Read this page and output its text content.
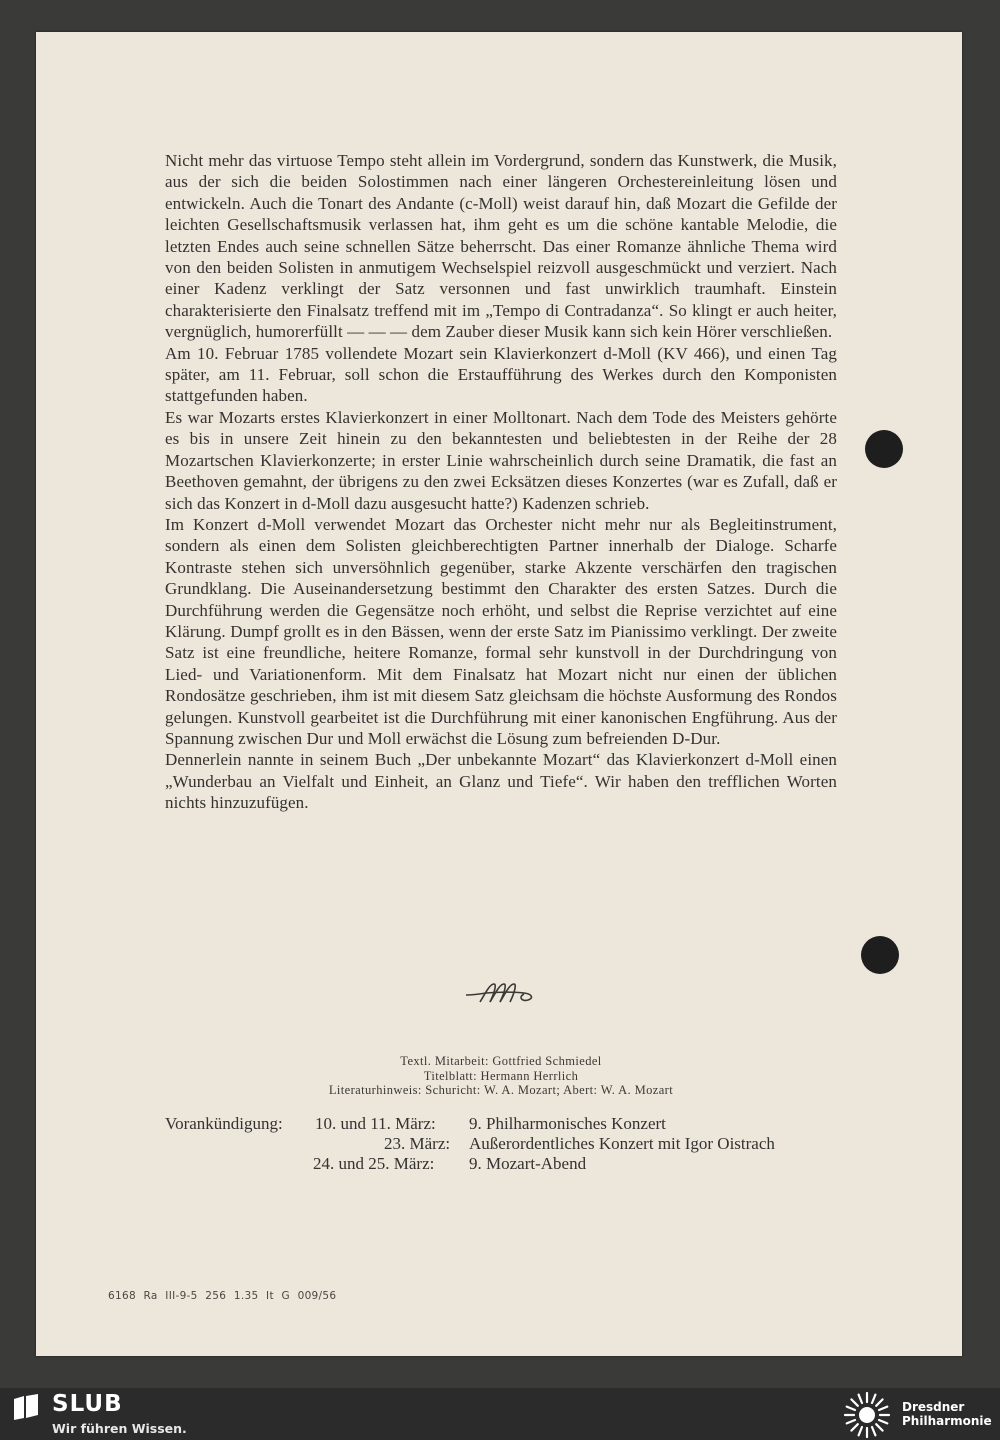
Nicht mehr das virtuose Tempo steht allein im Vordergrund, sondern das Kunstwerk, die Musik, aus der sich die beiden Solostimmen nach einer längeren Orchestereinleitung lösen und entwickeln. Auch die Tonart des Andante (c-Moll) weist darauf hin, daß Mozart die Gefilde der leichten Gesellschaftsmusik verlassen hat, ihm geht es um die schöne kantable Melodie, die letzten Endes auch seine schnellen Sätze beherrscht. Das einer Romanze ähnliche Thema wird von den beiden Solisten in anmutigem Wechselspiel reizvoll ausgeschmückt und verziert. Nach einer Kadenz verklingt der Satz versonnen und fast unwirklich traumhaft. Einstein charakterisierte den Finalsatz treffend mit im „Tempo di Contradanza“. So klingt er auch heiter, vergnüglich, humorerfüllt — — — dem Zauber dieser Musik kann sich kein Hörer verschließen.

Am 10. Februar 1785 vollendete Mozart sein Klavierkonzert d-Moll (KV 466), und einen Tag später, am 11. Februar, soll schon die Erstaufführung des Werkes durch den Komponisten stattgefunden haben.

Es war Mozarts erstes Klavierkonzert in einer Molltonart. Nach dem Tode des Meisters gehörte es bis in unsere Zeit hinein zu den bekanntesten und beliebtesten in der Reihe der 28 Mozartschen Klavierkonzerte; in erster Linie wahrscheinlich durch seine Dramatik, die fast an Beethoven gemahnt, der übrigens zu den zwei Ecksätzen dieses Konzertes (war es Zufall, daß er sich das Konzert in d-Moll dazu ausgesucht hatte?) Kadenzen schrieb.

Im Konzert d-Moll verwendet Mozart das Orchester nicht mehr nur als Begleitinstrument, sondern als einen dem Solisten gleichberechtigten Partner innerhalb der Dialoge. Scharfe Kontraste stehen sich unversöhnlich gegenüber, starke Akzente verschärfen den tragischen Grundklang. Die Auseinandersetzung bestimmt den Charakter des ersten Satzes. Durch die Durchführung werden die Gegensätze noch erhöht, und selbst die Reprise verzichtet auf eine Klärung. Dumpf grollt es in den Bässen, wenn der erste Satz im Pianissimo verklingt. Der zweite Satz ist eine freundliche, heitere Romanze, formal sehr kunstvoll in der Durchdringung von Lied- und Variationenform. Mit dem Finalsatz hat Mozart nicht nur einen der üblichen Rondosätze geschrieben, ihm ist mit diesem Satz gleichsam die höchste Ausformung des Rondos gelungen. Kunstvoll gearbeitet ist die Durchführung mit einer kanonischen Engführung. Aus der Spannung zwischen Dur und Moll erwächst die Lösung zum befreienden D-Dur.

Dennerlein nannte in seinem Buch „Der unbekannte Mozart“ das Klavierkonzert d-Moll einen „Wunderbau an Vielfalt und Einheit, an Glanz und Tiefe“. Wir haben den trefflichen Worten nichts hinzuzufügen.

Textl. Mitarbeit: Gottfried Schmiedel
Titelblatt: Hermann Herrlich
Literaturhinweis: Schuricht: W. A. Mozart; Abert: W. A. Mozart
Vorankündigung: 10. und 11. März: 9. Philharmonisches Konzert
23. März: Außerordentliches Konzert mit Igor Oistrach
24. und 25. März: 9. Mozart-Abend
6168 Ra III-9-5 256 1.35 It G 009/56
SLUB
Wir führen Wissen.
Dresdner
Philharmonie
